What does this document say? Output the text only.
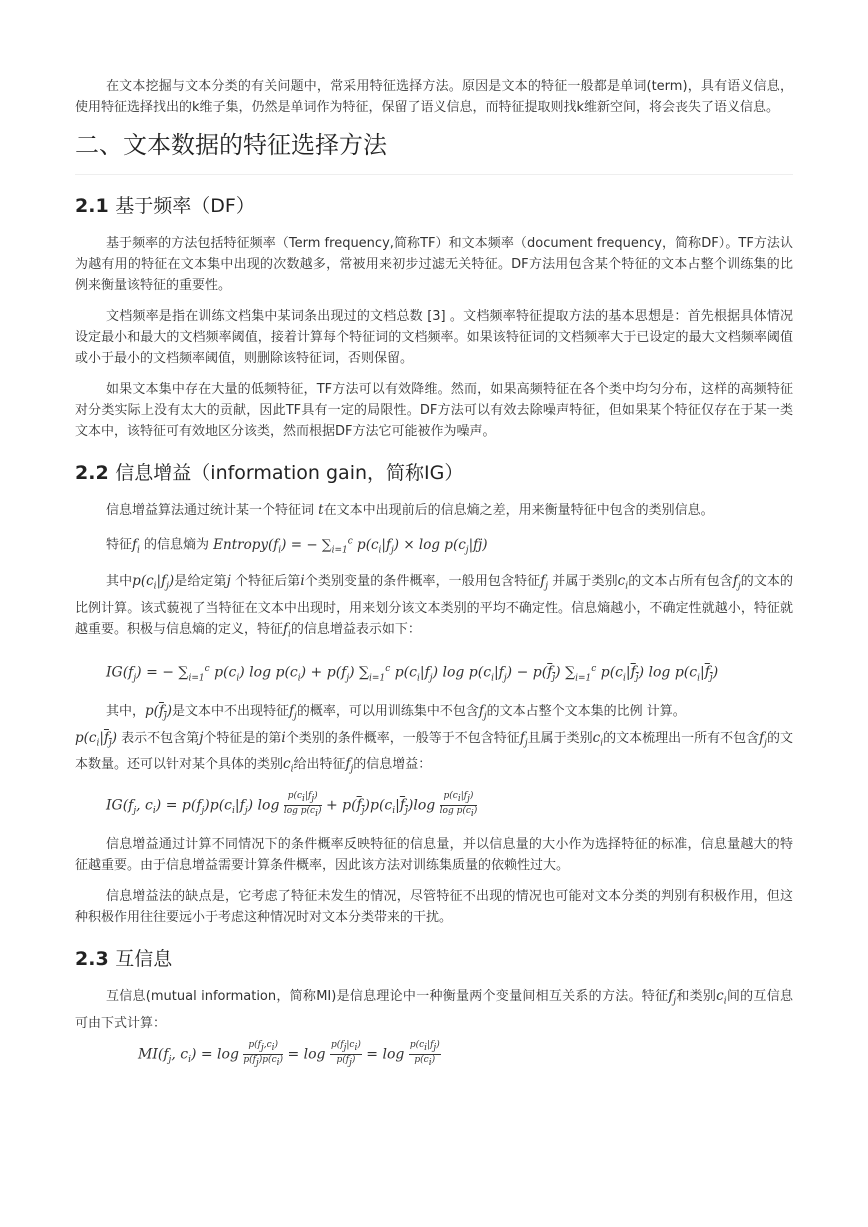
在文本挖掘与文本分类的有关问题中，常采用特征选择方法。原因是文本的特征一般都是单词(term)，具有语义信息，使用特征选择找出的k维子集，仍然是单词作为特征，保留了语义信息，而特征提取则找k维新空间，将会丧失了语义信息。

二、文本数据的特征选择方法
2.1 基于频率（DF）

基于频率的方法包括特征频率（Term frequency,简称TF）和文本频率（document frequency，简称DF）。TF方法认为越有用的特征在文本集中出现的次数越多，常被用来初步过滤无关特征。DF方法用包含某个特征的文本占整个训练集的比例来衡量该特征的重要性。

文档频率是指在训练文档集中某词条出现过的文档总数 [3] 。文档频率特征提取方法的基本思想是：首先根据具体情况设定最小和最大的文档频率阈值，接着计算每个特征词的文档频率。如果该特征词的文档频率大于已设定的最大文档频率阈值或小于最小的文档频率阈值，则删除该特征词，否则保留。

如果文本集中存在大量的低频特征，TF方法可以有效降维。然而，如果高频特征在各个类中均匀分布，这样的高频特征对分类实际上没有太大的贡献，因此TF具有一定的局限性。DF方法可以有效去除噪声特征，但如果某个特征仅存在于某一类文本中，该特征可有效地区分该类，然而根据DF方法它可能被作为噪声。

2.2 信息增益（information gain，简称IG）

信息增益算法通过统计某一个特征词 t在文本中出现前后的信息熵之差，用来衡量特征中包含的类别信息。

特征$f_i$ 的信息熵为 $Entropy(f_i)$ = − $\sum_{i=1}^c$ $p(c_i|f_j) \times \log p(c_j|fj)$

其中$p(c_i|f_j)$是给定第j 个特征后第i个类别变量的条件概率，一般用包含特征$f_j$ 并属于类别$c_i$的文本占所有包含$f_j$的文本的比例计算。该式藐视了当特征在文本中出现时，用来划分该文本类别的平均不确定性。信息熵越小，不确定性就越小，特征就越重要。积极与信息熵的定义，特征$f_i$的信息增益表示如下：

$IG(f_j)$ = − $\sum_{i=1}^c$ $p(c_i)$ $\log p(c_i) + p(f_j)$ $\sum_{i=1}^c$ $p(c_i|f_j)$ $\log p(c_i|f_j) - p(f_j)$ $\sum_{i=1}^c$ $p(c_i|f_j)$ $\log p(c_i|f_j)$

其中，$p(f_j)$是文本中不出现特征$f_j$的概率，可以用训练集中不包含$f_j$的文本占整个文本集的比例 计算。
$p(c_i|f_j)$ 表示不包含第j个特征是的第i个类别的条件概率，一般等于不包含特征$f_j$且属于类别$c_i$的文本梳理出一所有不包含$f_j$的文本数量。还可以针对某个具体的类别$c_i$给出特征$f_j$的信息增益：

$IG(f_j$, $c_i) = p(f_j)p(c_i|f_j)$ $\log \frac{p(c_i|f_j)}{\log p(c_i)} + p(f_j)p(c_i|f_j)\log \frac{p(c_i|f_j)}{\log p(c_i)}$

信息增益通过计算不同情况下的条件概率反映特征的信息量，并以信息量的大小作为选择特征的标准，信息量越大的特征越重要。由于信息增益需要计算条件概率，因此该方法对训练集质量的依赖性过大。

信息增益法的缺点是，它考虑了特征未发生的情况，尽管特征不出现的情况也可能对文本分类的判别有积极作用，但这种积极作用往往要远小于考虑这种情况时对文本分类带来的干扰。

2.3 互信息

互信息(mutual information，简称MI)是信息理论中一种衡量两个变量间相互关系的方法。特征$f_j$和类别$c_i$间的互信息可由下式计算：

$MI(f_j$, $c_i) = \log \frac{p(f_j,c_i)}{p(f_j)p(c_i)} = \log \frac{p(f_j|c_i)}{p(f_j)} = \log \frac{p(c_i|f_j)}{p(c_i)}$
